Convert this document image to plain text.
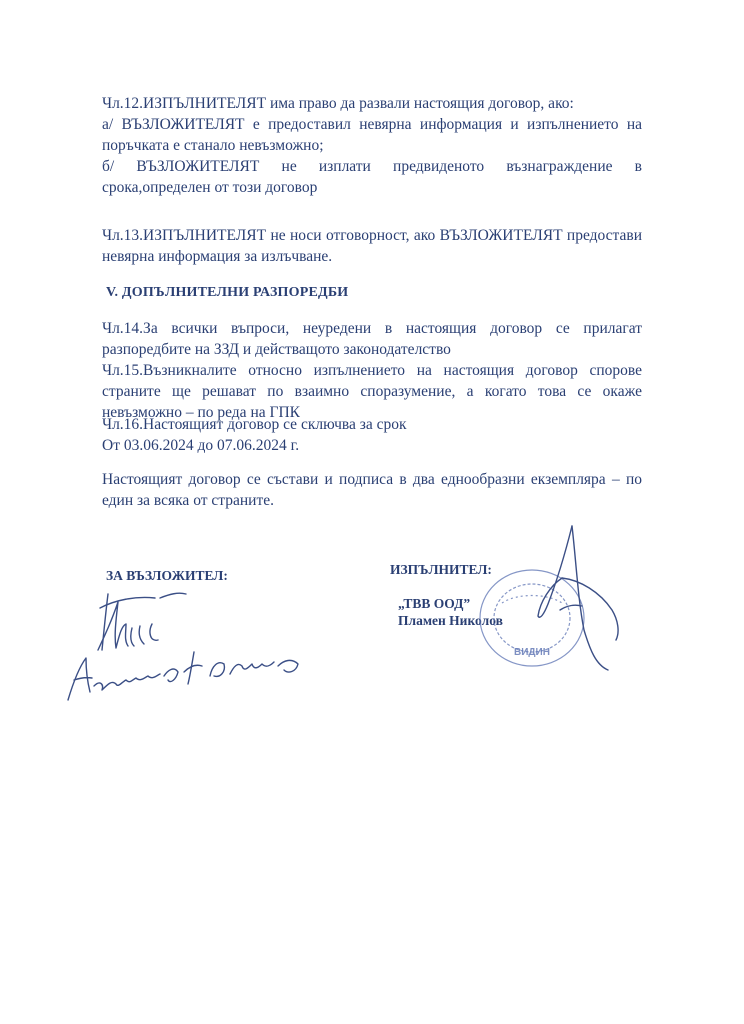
Чл.12.ИЗПЪЛНИТЕЛЯТ има право да развали настоящия договор, ако:
а/ ВЪЗЛОЖИТЕЛЯТ е предоставил невярна информация и изпълнението на поръчката е станало невъзможно;
б/ ВЪЗЛОЖИТЕЛЯТ не изплати предвиденото възнаграждение в срока,определен от този договор
Чл.13.ИЗПЪЛНИТЕЛЯТ не носи отговорност, ако ВЪЗЛОЖИТЕЛЯТ предостави невярна информация за излъчване.
V. ДОПЪЛНИТЕЛНИ РАЗПОРЕДБИ
Чл.14.За всички въпроси, неуредени в настоящия договор се прилагат разпоредбите на ЗЗД и действащото законодателство
Чл.15.Възникналите относно изпълнението на настоящия договор спорове страните ще решават по взаимно споразумение, а когато това се окаже невъзможно – по реда на ГПК
Чл.16.Настоящият договор се сключва за срок
От 03.06.2024 до 07.06.2024 г.
Настоящият договор се състави и подписа в два еднообразни екземпляра – по един за всяка от страните.
ЗА ВЪЗЛОЖИТЕЛ:	ИЗПЪЛНИТЕЛ:
„ТВВ ООД”
Пламен Николов
ВИДИН
